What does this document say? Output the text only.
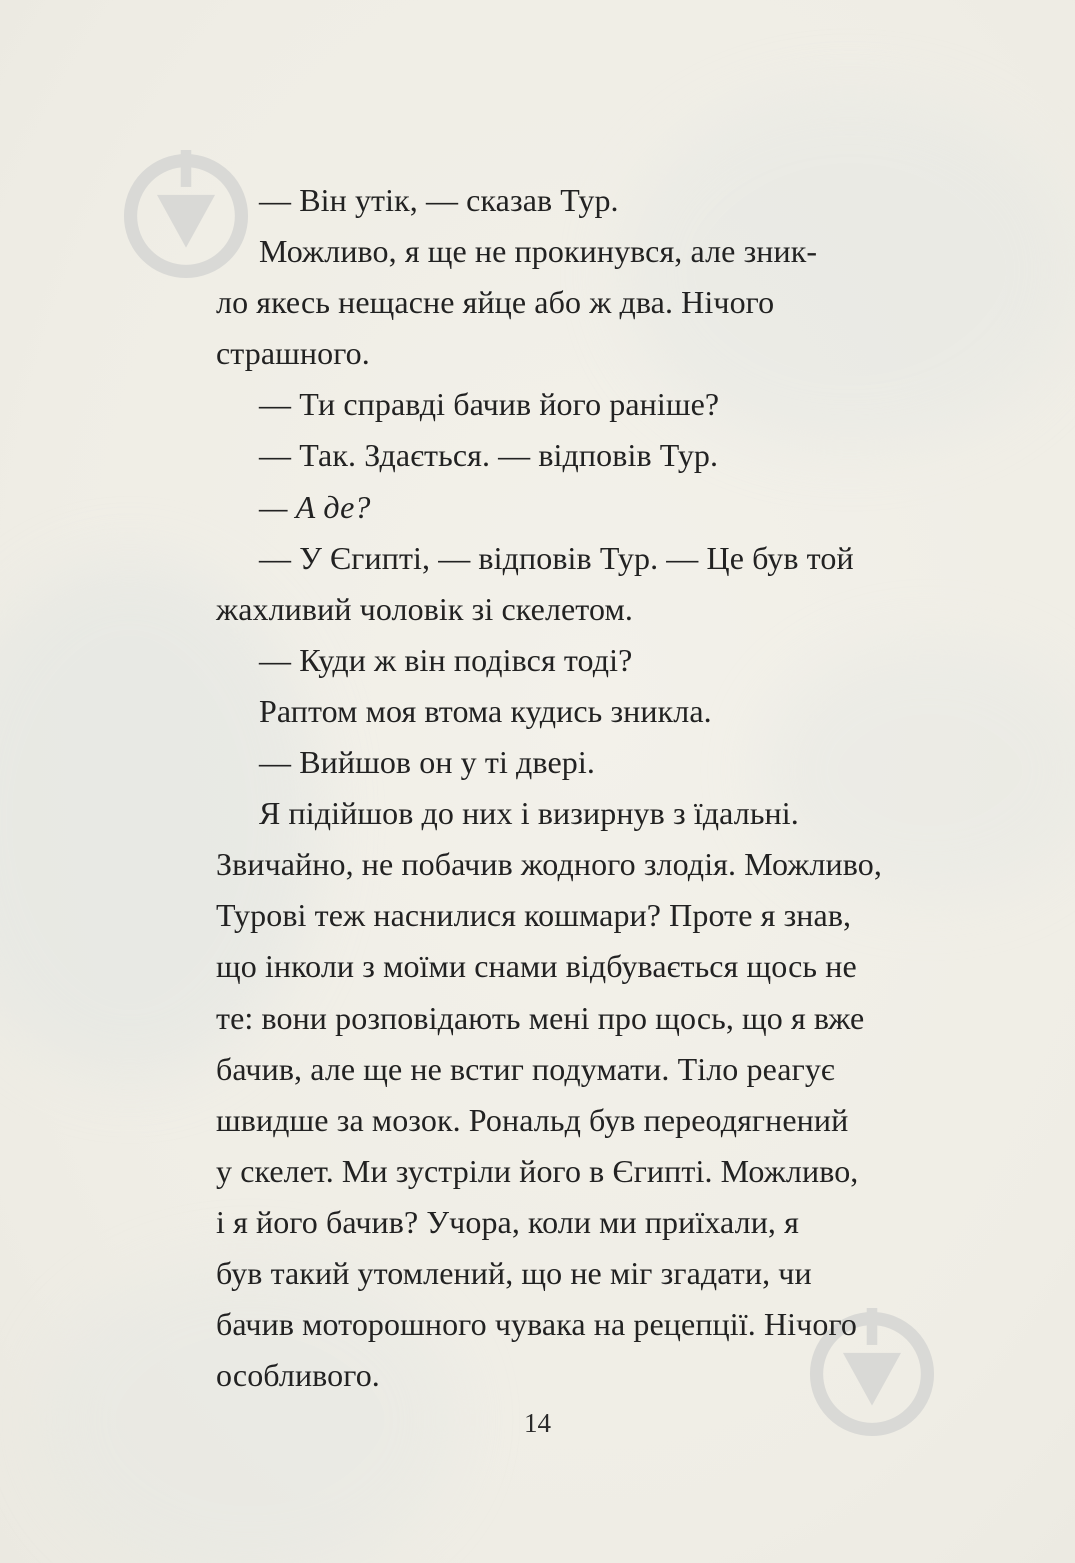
— Він утік, — сказав Тур.
Можливо, я ще не прокинувся, але зник-
ло якесь нещасне яйце або ж два. Нічого
страшного.
— Ти справді бачив його раніше?
— Так. Здається. — відповів Тур.
— А де?
— У Єгипті, — відповів Тур. — Це був той
жахливий чоловік зі скелетом.
— Куди ж він подівся тоді?
Раптом моя втома кудись зникла.
— Вийшов он у ті двері.
Я підійшов до них і визирнув з їдальні.
Звичайно, не побачив жодного злодія. Можливо,
Турові теж наснилися кошмари? Проте я знав,
що інколи з моїми снами відбувається щось не
те: вони розповідають мені про щось, що я вже
бачив, але ще не встиг подумати. Тіло реагує
швидше за мозок. Рональд був переодягнений
у скелет. Ми зустріли його в Єгипті. Можливо,
і я його бачив? Учора, коли ми приїхали, я
був такий утомлений, що не міг згадати, чи
бачив моторошного чувака на рецепції. Нічого
особливого.
14
